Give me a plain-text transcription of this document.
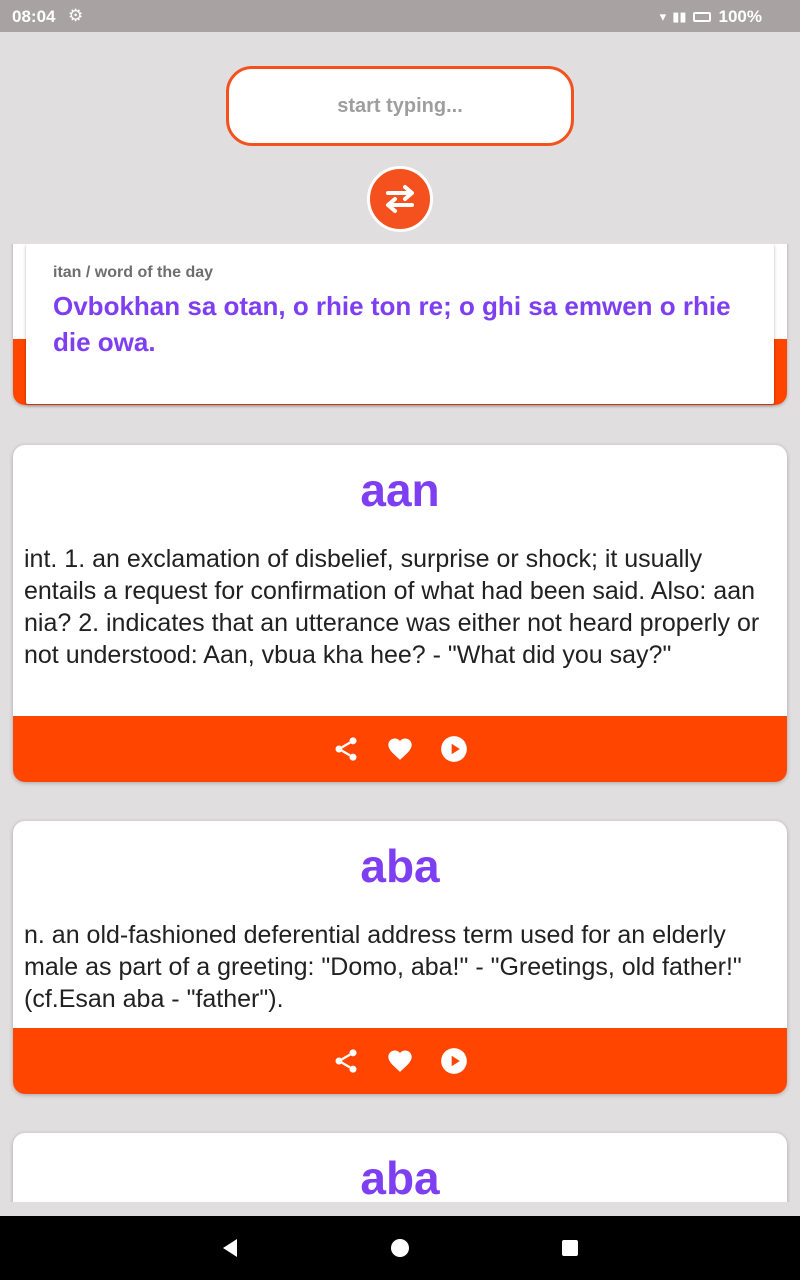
08:04 ⚙	▾ ▮▮ 100%
start typing...
itan / word of the day
Ovbokhan sa otan, o rhie ton re; o ghi sa emwen o rhie die owa.
aan
int. 1. an exclamation of disbelief, surprise or shock; it usually entails a request for confirmation of what had been said. Also: aan nia? 2. indicates that an utterance was either not heard properly or not understood: Aan, vbua kha hee? - "What did you say?"
aba
n. an old-fashioned deferential address term used for an elderly male as part of a greeting: "Domo, aba!" - "Greetings, old father!" (cf.Esan aba - "father").
aba
